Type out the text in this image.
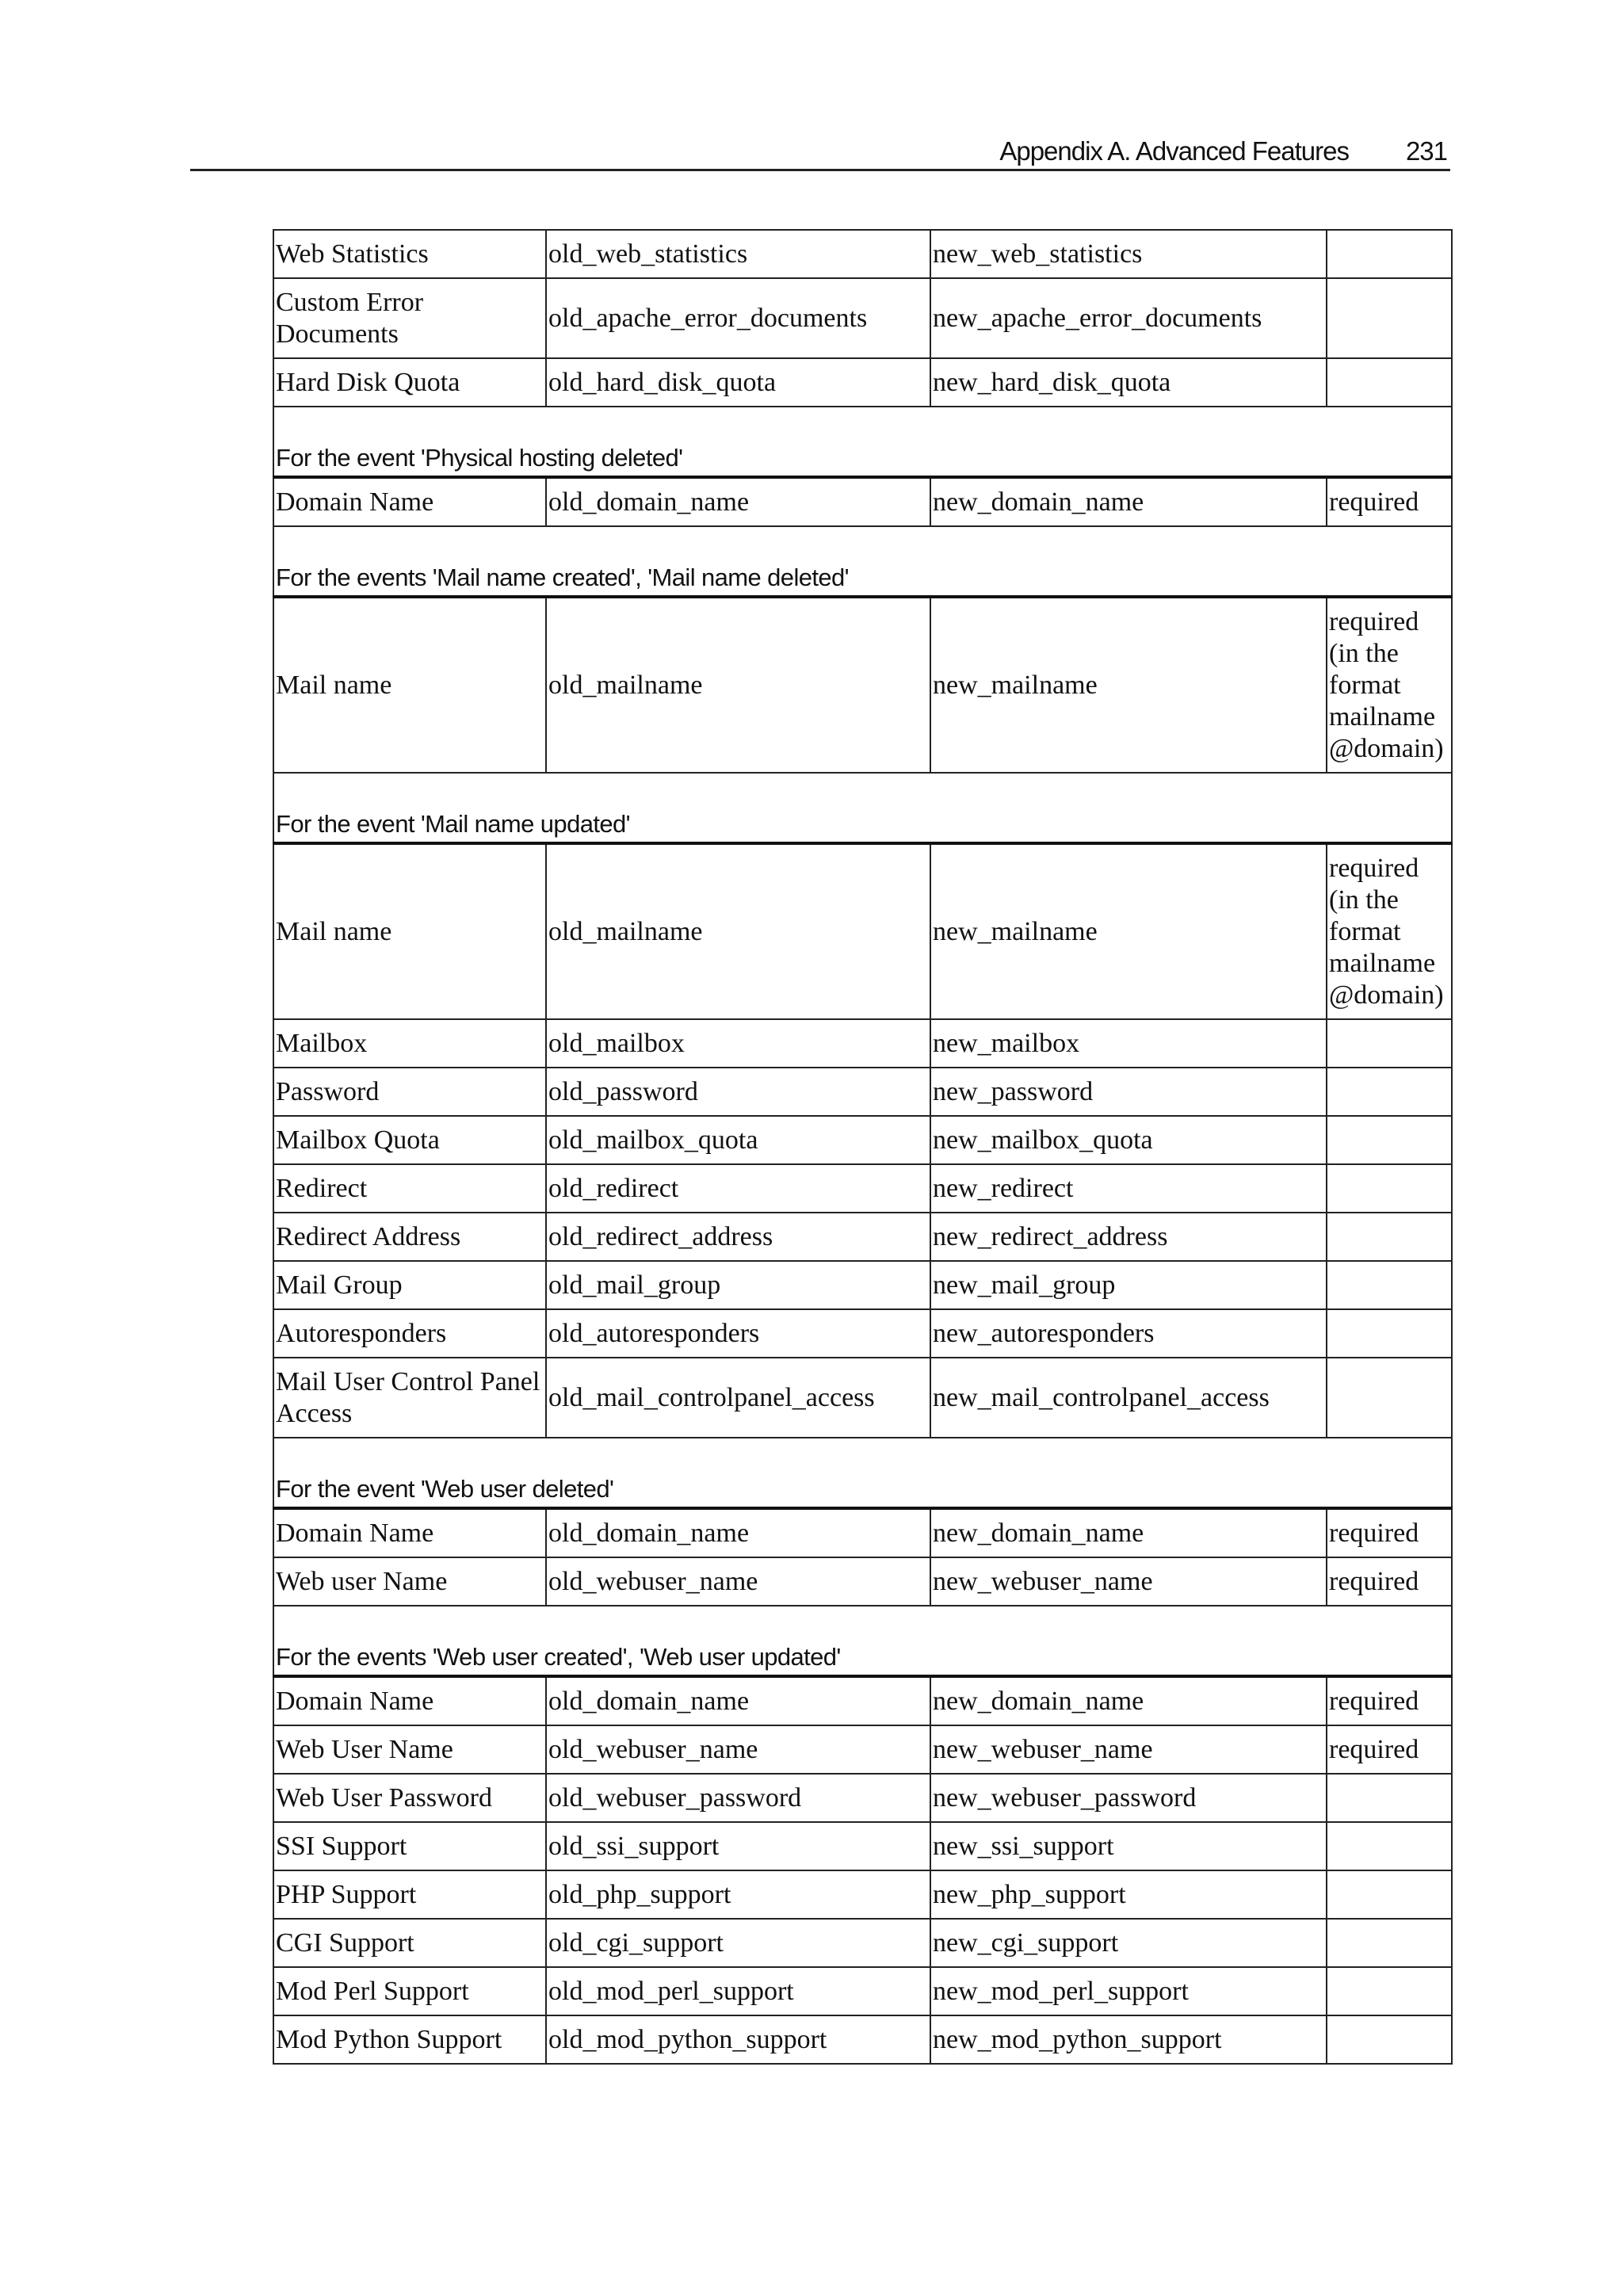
Appendix A. Advanced Features 231
Web Statistics	old_web_statistics	new_web_statistics	
Custom Error Documents	old_apache_error_documents	new_apache_error_documents	
Hard Disk Quota	old_hard_disk_quota	new_hard_disk_quota	
For the event 'Physical hosting deleted'			
Domain Name	old_domain_name	new_domain_name	required
For the events 'Mail name created', 'Mail name deleted'			
Mail name	old_mailname	new_mailname	required (in the format mailname @domain)
For the event 'Mail name updated'			
Mail name	old_mailname	new_mailname	required (in the format mailname @domain)
Mailbox	old_mailbox	new_mailbox	
Password	old_password	new_password	
Mailbox Quota	old_mailbox_quota	new_mailbox_quota	
Redirect	old_redirect	new_redirect	
Redirect Address	old_redirect_address	new_redirect_address	
Mail Group	old_mail_group	new_mail_group	
Autoresponders	old_autoresponders	new_autoresponders	
Mail User Control Panel Access	old_mail_controlpanel_access	new_mail_controlpanel_access	
For the event 'Web user deleted'			
Domain Name	old_domain_name	new_domain_name	required
Web user Name	old_webuser_name	new_webuser_name	required
For the events 'Web user created', 'Web user updated'			
Domain Name	old_domain_name	new_domain_name	required
Web User Name	old_webuser_name	new_webuser_name	required
Web User Password	old_webuser_password	new_webuser_password	
SSI Support	old_ssi_support	new_ssi_support	
PHP Support	old_php_support	new_php_support	
CGI Support	old_cgi_support	new_cgi_support	
Mod Perl Support	old_mod_perl_support	new_mod_perl_support	
Mod Python Support	old_mod_python_support	new_mod_python_support	
